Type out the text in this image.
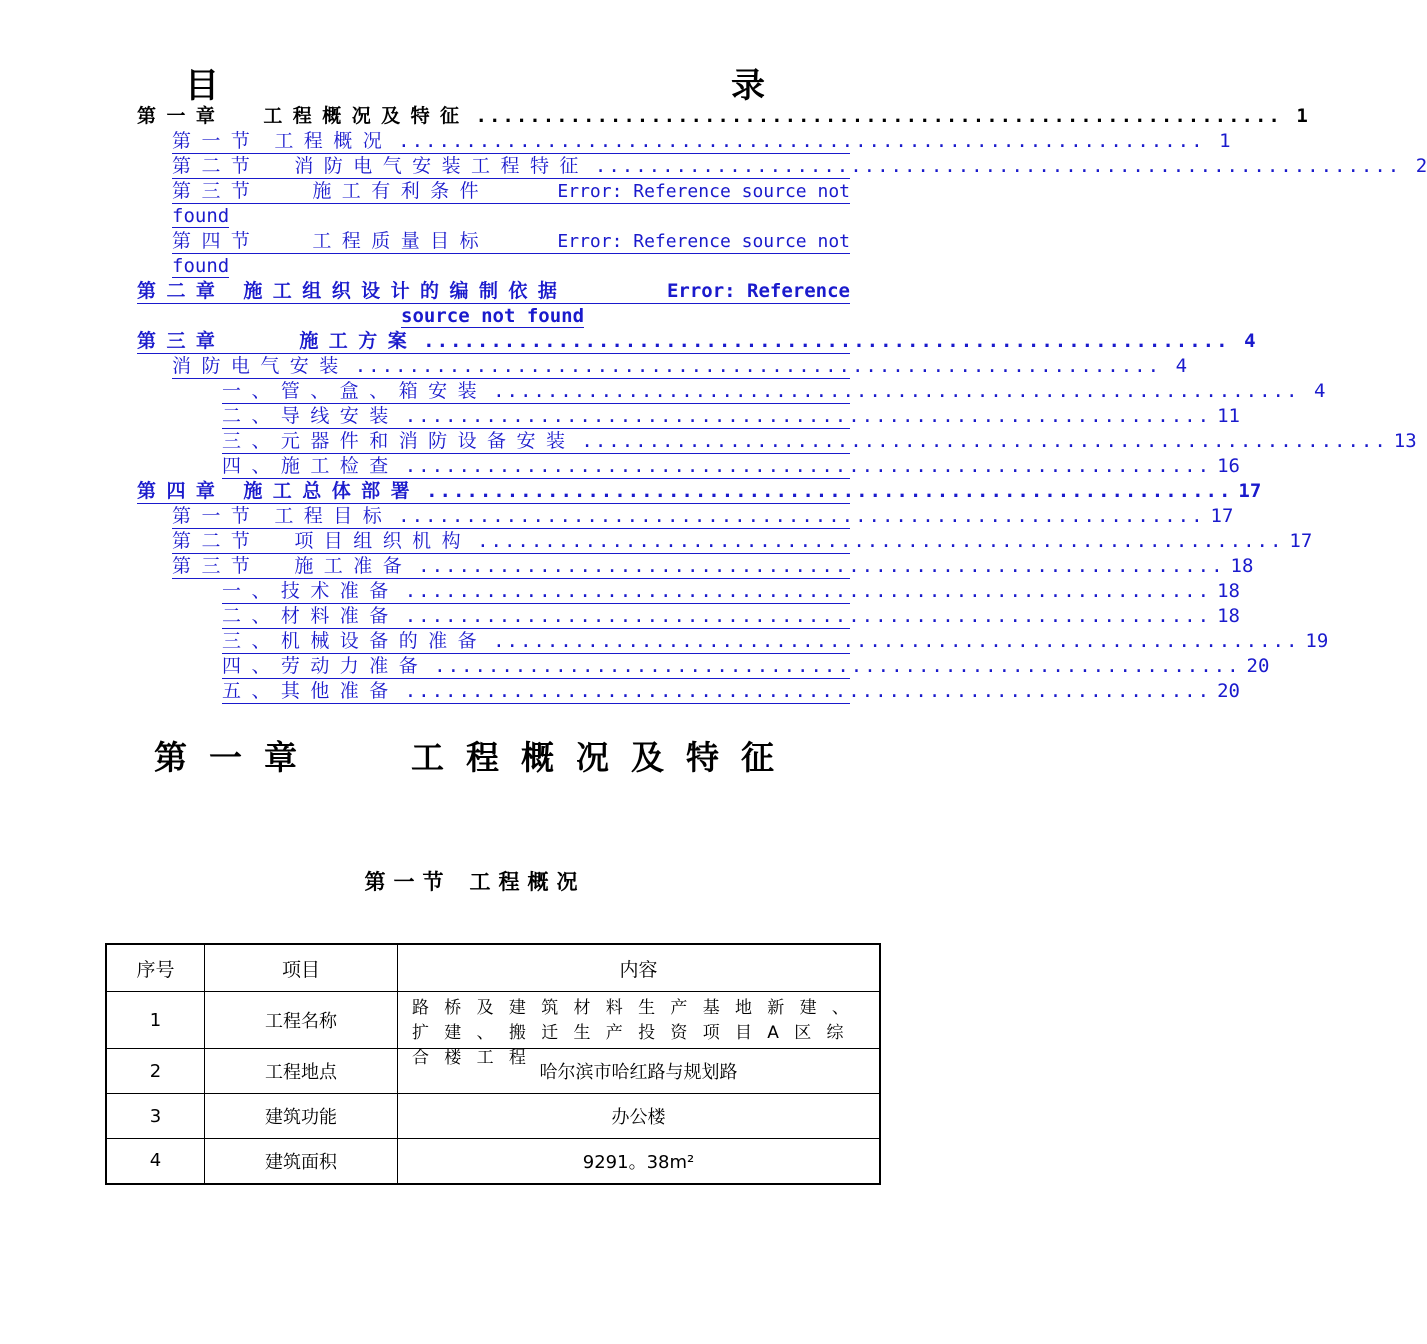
目　　录
第一章 工程概况及特征 ............................................................ 1
第一节 工程概况 ............................................................ 1
第二节 消防电气安装工程特征 ............................................................ 2
第三节	施工有利条件	Error: Reference source not
found
第四节	工程质量目标	Error: Reference source not
found
第二章 施工组织设计的编制依据	Error: Reference
source not found
第三章	施工方案 ............................................................ 4
消防电气安装 ............................................................ 4
一、 管、盒、箱安装 ............................................................ 4
二、 导线安装 ............................................................ 11
三、 元器件和消防设备安装 ............................................................ 13
四、 施工检查 ............................................................ 16
第四章 施工总体部署 ............................................................ 17
第一节 工程目标 ............................................................ 17
第二节 项目组织机构 ............................................................ 17
第三节 施工准备 ............................................................ 18
一、 技术准备 ............................................................ 18
二、 材料准备 ............................................................ 18
三、 机械设备的准备 ............................................................ 19
四、 劳动力准备 ............................................................ 20
五、 其他准备 ............................................................ 20
第一章	工程概况及特征
第一节 工程概况
序号	项目	内容
1	工程名称	路桥及建筑材料生产基地新建、扩建、搬迁生产投资项目A区综合楼工程

2	工程地点	哈尔滨市哈红路与规划路
3	建筑功能	办公楼
4	建筑面积	9291。38m²
